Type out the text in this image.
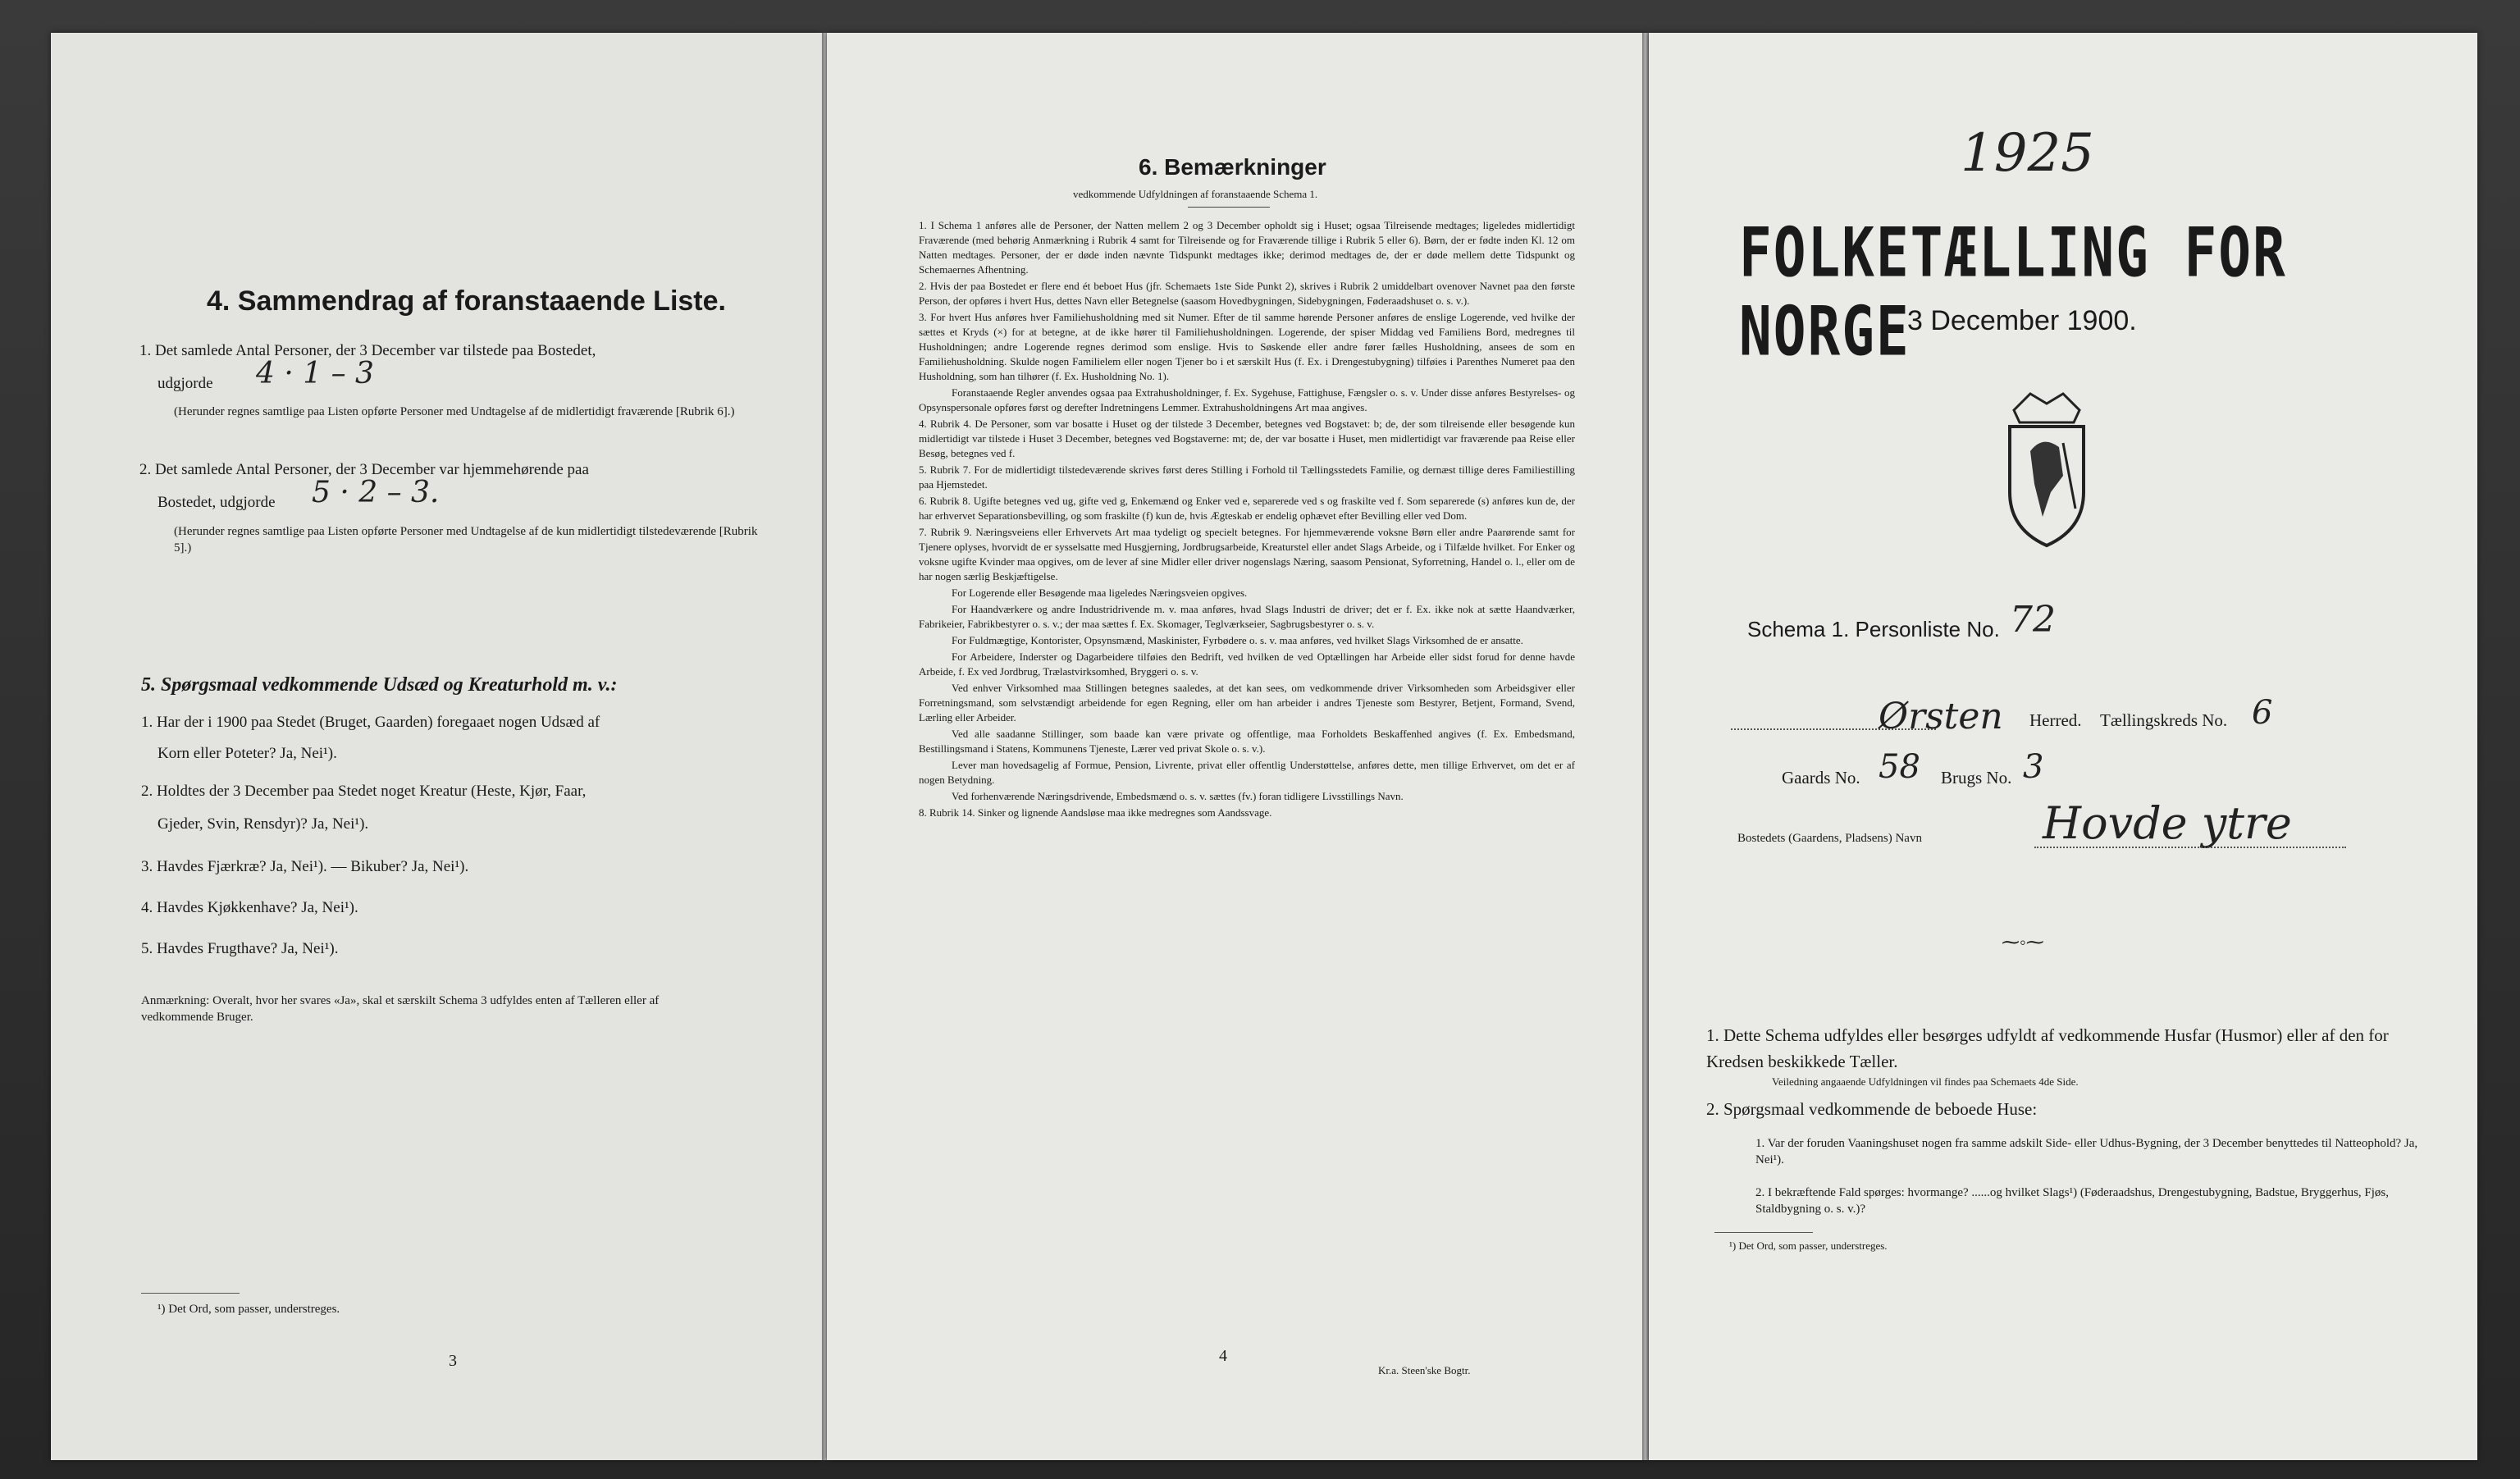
4. Sammendrag af foranstaaende Liste.
1. Det samlede Antal Personer, der 3 December var tilstede paa Bostedet,
udgjorde 4 · 1 – 3
(Herunder regnes samtlige paa Listen opførte Personer med Undtagelse af de midlertidigt fraværende [Rubrik 6].)
2. Det samlede Antal Personer, der 3 December var hjemmehørende paa
Bostedet, udgjorde 5 · 2 – 3.
(Herunder regnes samtlige paa Listen opførte Personer med Undtagelse af de kun midlertidigt tilstedeværende [Rubrik 5].)
5. Spørgsmaal vedkommende Udsæd og Kreaturhold m. v.:
1. Har der i 1900 paa Stedet (Bruget, Gaarden) foregaaet nogen Udsæd af
Korn eller Poteter? Ja, Nei¹).
2. Holdtes der 3 December paa Stedet noget Kreatur (Heste, Kjør, Faar,
Gjeder, Svin, Rensdyr)? Ja, Nei¹).
3. Havdes Fjærkræ? Ja, Nei¹). — Bikuber? Ja, Nei¹).
4. Havdes Kjøkkenhave? Ja, Nei¹).
5. Havdes Frugthave? Ja, Nei¹).
Anmærkning: Overalt, hvor her svares «Ja», skal et særskilt Schema 3 udfyldes enten af Tælleren eller af vedkommende Bruger.
¹) Det Ord, som passer, understreges.
3
6. Bemærkninger
vedkommende Udfyldningen af foranstaaende Schema 1.

1. I Schema 1 anføres alle de Personer, der Natten mellem 2 og 3 December opholdt sig i Huset; ogsaa Tilreisende medtages; ligeledes midlertidigt Fraværende (med behørig Anmærkning i Rubrik 4 samt for Tilreisende og for Fraværende tillige i Rubrik 5 eller 6). Børn, der er fødte inden Kl. 12 om Natten medtages. Personer, der er døde inden nævnte Tidspunkt medtages ikke; derimod medtages de, der er døde mellem dette Tidspunkt og Schemaernes Afhentning.

2. Hvis der paa Bostedet er flere end ét beboet Hus (jfr. Schemaets 1ste Side Punkt 2), skrives i Rubrik 2 umiddelbart ovenover Navnet paa den første Person, der opføres i hvert Hus, dettes Navn eller Betegnelse (saasom Hovedbygningen, Sidebygningen, Føderaadshuset o. s. v.).

3. For hvert Hus anføres hver Familiehusholdning med sit Numer. Efter de til samme hørende Personer anføres de enslige Logerende, ved hvilke der sættes et Kryds (×) for at betegne, at de ikke hører til Familiehusholdningen. Logerende, der spiser Middag ved Familiens Bord, medregnes til Husholdningen; andre Logerende regnes derimod som enslige. Hvis to Søskende eller andre fører fælles Husholdning, ansees de som en Familiehusholdning. Skulde nogen Familielem eller nogen Tjener bo i et særskilt Hus (f. Ex. i Drengestubygning) tilføies i Parenthes Numeret paa den Husholdning, som han tilhører (f. Ex. Husholdning No. 1).

Foranstaaende Regler anvendes ogsaa paa Extrahusholdninger, f. Ex. Sygehuse, Fattighuse, Fængsler o. s. v. Under disse anføres Bestyrelses- og Opsynspersonale opføres først og derefter Indretningens Lemmer. Extrahusholdningens Art maa angives.

4. Rubrik 4. De Personer, som var bosatte i Huset og der tilstede 3 December, betegnes ved Bogstavet: b; de, der som tilreisende eller besøgende kun midlertidigt var tilstede i Huset 3 December, betegnes ved Bogstaverne: mt; de, der var bosatte i Huset, men midlertidigt var fraværende paa Reise eller Besøg, betegnes ved f.

5. Rubrik 7. For de midlertidigt tilstedeværende skrives først deres Stilling i Forhold til Tællingsstedets Familie, og dernæst tillige deres Familiestilling paa Hjemstedet.

6. Rubrik 8. Ugifte betegnes ved ug, gifte ved g, Enkemænd og Enker ved e, separerede ved s og fraskilte ved f. Som separerede (s) anføres kun de, der har erhvervet Separationsbevilling, og som fraskilte (f) kun de, hvis Ægteskab er endelig ophævet efter Bevilling eller ved Dom.

7. Rubrik 9. Næringsveiens eller Erhvervets Art maa tydeligt og specielt betegnes. For hjemmeværende voksne Børn eller andre Paarørende samt for Tjenere oplyses, hvorvidt de er sysselsatte med Husgjerning, Jordbrugsarbeide, Kreaturstel eller andet Slags Arbeide, og i Tilfælde hvilket. For Enker og voksne ugifte Kvinder maa opgives, om de lever af sine Midler eller driver nogenslags Næring, saasom Pensionat, Syforretning, Handel o. l., eller om de har nogen særlig Beskjæftigelse.

For Logerende eller Besøgende maa ligeledes Næringsveien opgives.

For Haandværkere og andre Industridrivende m. v. maa anføres, hvad Slags Industri de driver; det er f. Ex. ikke nok at sætte Haandværker, Fabrikeier, Fabrikbestyrer o. s. v.; der maa sættes f. Ex. Skomager, Teglværkseier, Sagbrugsbestyrer o. s. v.

For Fuldmægtige, Kontorister, Opsynsmænd, Maskinister, Fyrbødere o. s. v. maa anføres, ved hvilket Slags Virksomhed de er ansatte.

For Arbeidere, Inderster og Dagarbeidere tilføies den Bedrift, ved hvilken de ved Optællingen har Arbeide eller sidst forud for denne havde Arbeide, f. Ex ved Jordbrug, Trælastvirksomhed, Bryggeri o. s. v.

Ved enhver Virksomhed maa Stillingen betegnes saaledes, at det kan sees, om vedkommende driver Virksomheden som Arbeidsgiver eller Forretningsmand, som selvstændigt arbeidende for egen Regning, eller om han arbeider i andres Tjeneste som Bestyrer, Betjent, Formand, Svend, Lærling eller Arbeider.

Ved alle saadanne Stillinger, som baade kan være private og offentlige, maa Forholdets Beskaffenhed angives (f. Ex. Embedsmand, Bestillingsmand i Statens, Kommunens Tjeneste, Lærer ved privat Skole o. s. v.).

Lever man hovedsagelig af Formue, Pension, Livrente, privat eller offentlig Understøttelse, anføres dette, men tillige Erhvervet, om det er af nogen Betydning.

Ved forhenværende Næringsdrivende, Embedsmænd o. s. v. sættes (fv.) foran tidligere Livsstillings Navn.

8. Rubrik 14. Sinker og lignende Aandsløse maa ikke medregnes som Aandssvage.

4
Kr.a. Steen'ske Bogtr.
1925
FOLKETÆLLING FOR NORGE
3 December 1900.
Schema 1. Personliste No. 72
Ørsten Herred. Tællingskreds No. 6
Gaards No. 58 Brugs No. 3
Bostedets (Gaardens, Pladsens) Navn	Hovde ytre
⁓◦⁓
1. Dette Schema udfyldes eller besørges udfyldt af vedkommende Husfar (Husmor) eller af den for Kredsen beskikkede Tæller.
Veiledning angaaende Udfyldningen vil findes paa Schemaets 4de Side.
2. Spørgsmaal vedkommende de beboede Huse:
1. Var der foruden Vaaningshuset nogen fra samme adskilt Side- eller Udhus-Bygning, der 3 December benyttedes til Natteophold? Ja, Nei¹).
2. I bekræftende Fald spørges: hvormange? ......og hvilket Slags¹) (Føderaadshus, Drengestubygning, Badstue, Bryggerhus, Fjøs, Staldbygning o. s. v.)?
¹) Det Ord, som passer, understreges.
